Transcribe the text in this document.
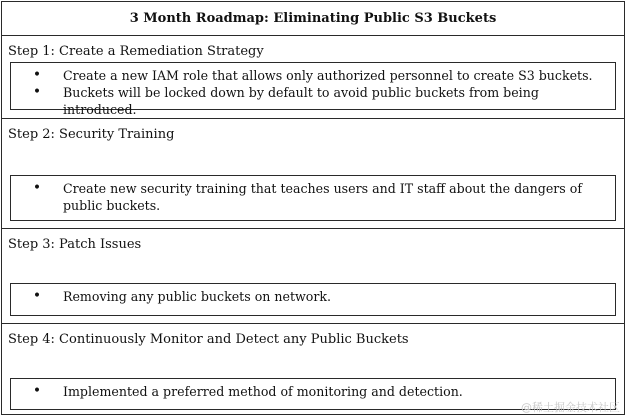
3 Month Roadmap: Eliminating Public S3 Buckets
Step 1: Create a Remediation Strategy
•	Create a new IAM role that allows only authorized personnel to create S3 buckets.
•	Buckets will be locked down by default to avoid public buckets from being introduced.
Step 2: Security Training
•	Create new security training that teaches users and IT staff about the dangers of public buckets.
Step 3: Patch Issues
•	Removing any public buckets on network.
Step 4: Continuously Monitor and Detect any Public Buckets
•	Implemented a preferred method of monitoring and detection.
@稀土掘金技术社区
